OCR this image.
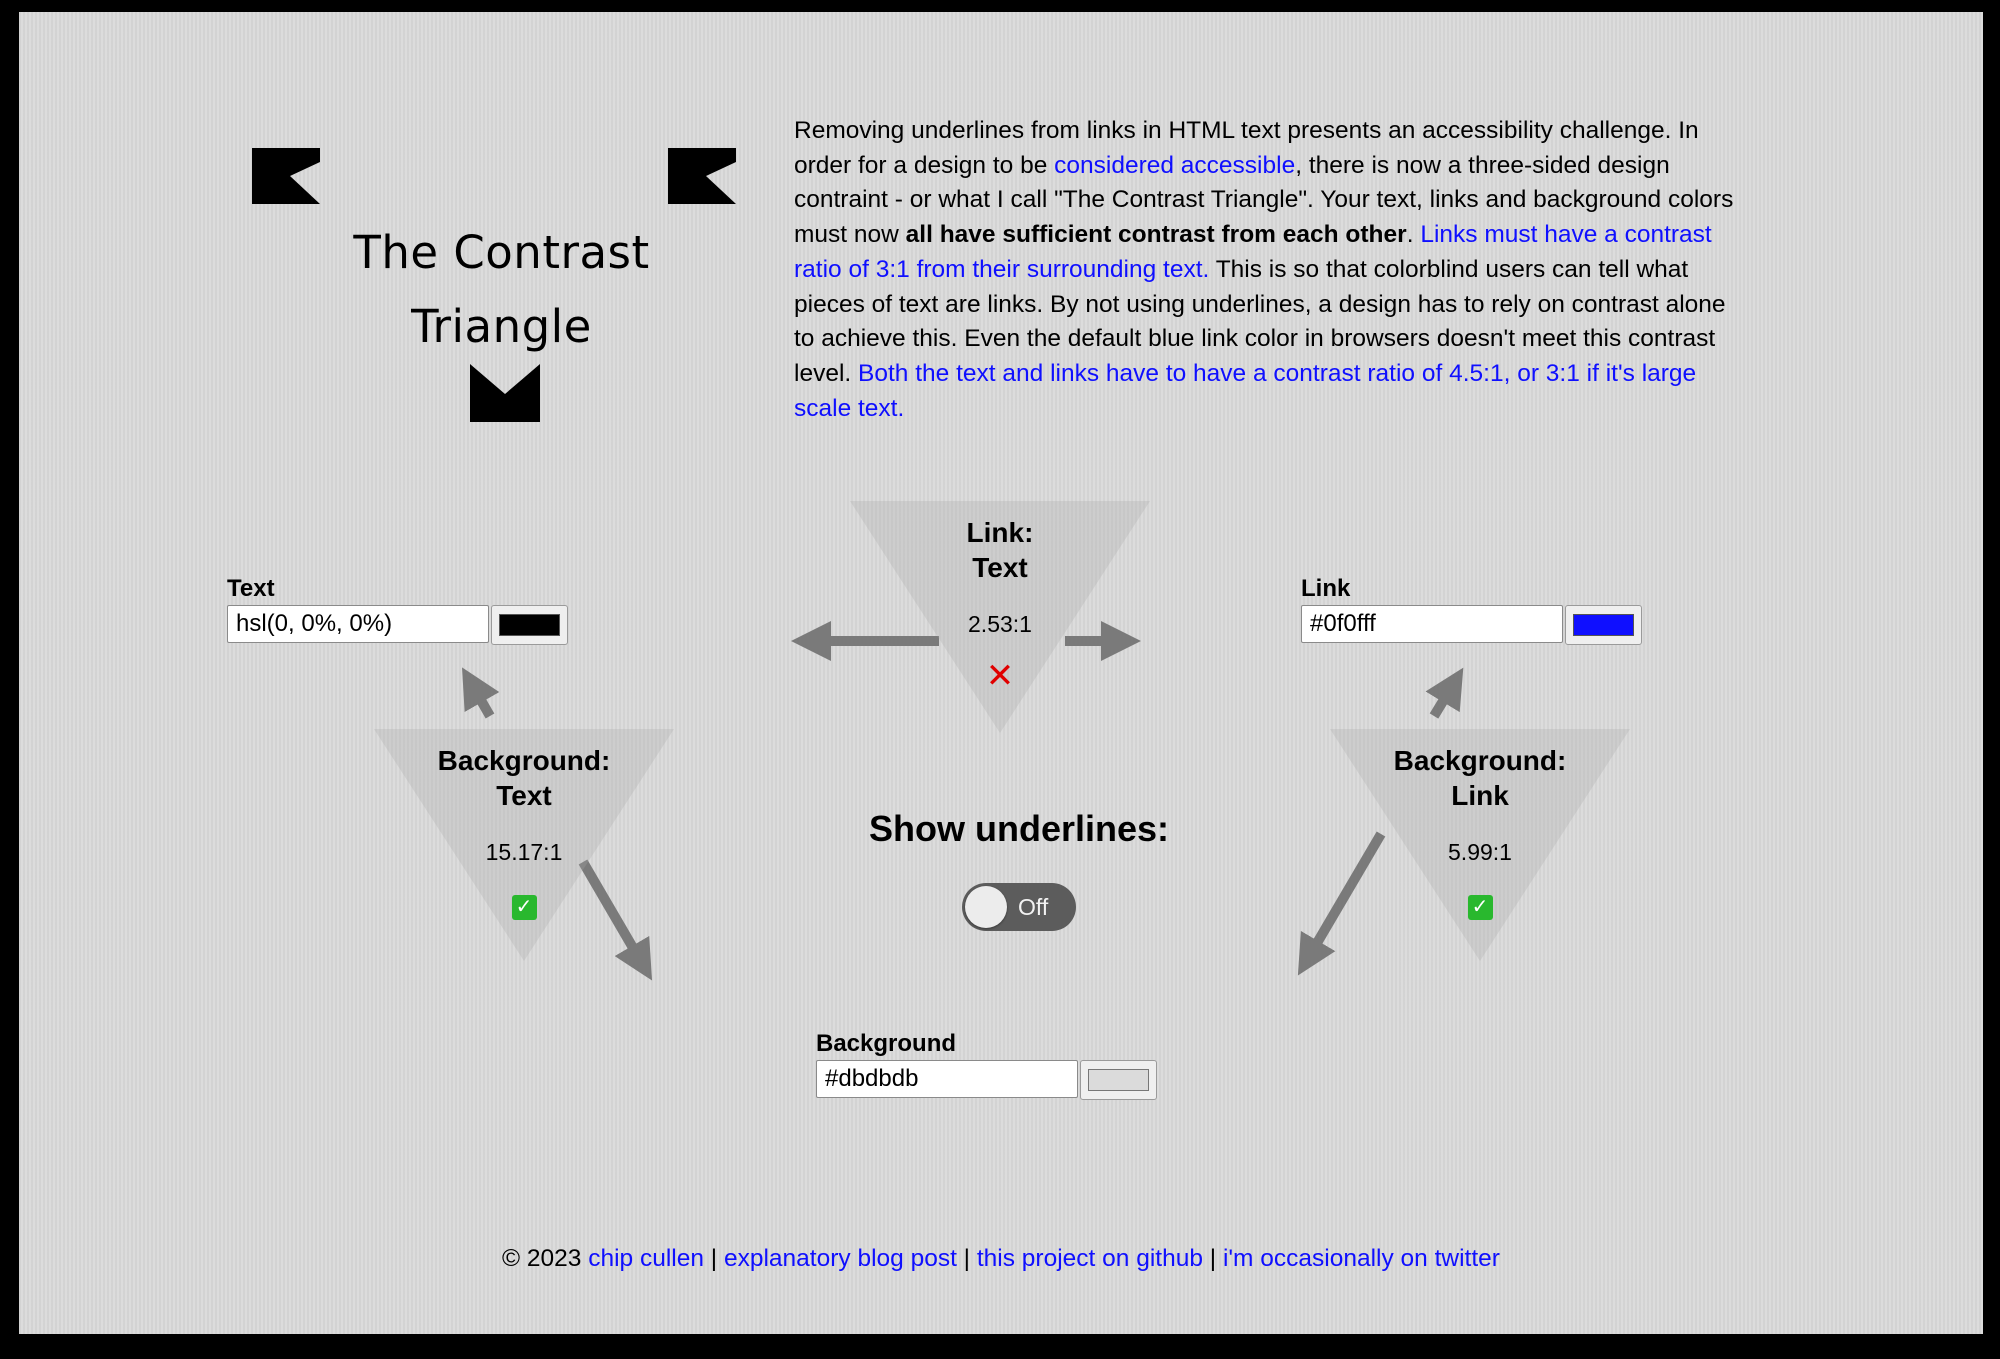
The Contrast
Triangle

Removing underlines from links in HTML text presents an accessibility challenge. In order for a design to be considered accessible, there is now a three-sided design contraint - or what I call "The Contrast Triangle". Your text, links and background colors must now all have sufficient contrast from each other. Links must have a contrast ratio of 3:1 from their surrounding text. This is so that colorblind users can tell what pieces of text are links. By not using underlines, a design has to rely on contrast alone to achieve this. Even the default blue link color in browsers doesn't meet this contrast level. Both the text and links have to have a contrast ratio of 4.5:1, or 3:1 if it's large scale text.

Text
hsl(0, 0%, 0%)	Link
#0f0fff
Background
#dbdbdb
Link:
Text
2.53:1
✕
Background:
Text
15.17:1
✓
Background:
Link
5.99:1
✓
Show underlines:
Off
© 2023 chip cullen | explanatory blog post | this project on github | i'm occasionally on twitter
